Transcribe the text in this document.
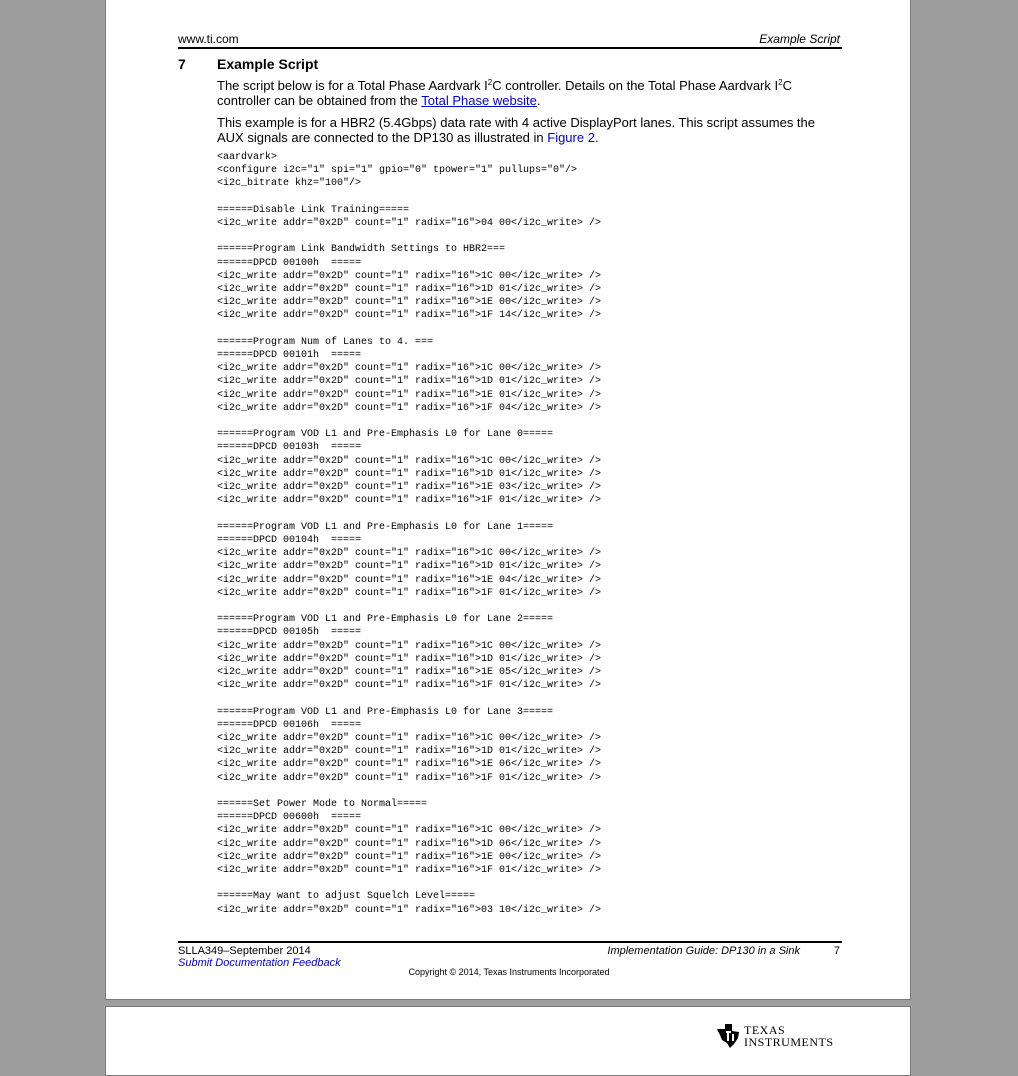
www.ti.com	Example Script
7 Example Script
The script below is for a Total Phase Aardvark $I^2C$ controller. Details on the Total Phase Aardvark $I^2C$ controller can be obtained from the Total Phase website.
This example is for a HBR2 (5.4Gbps) data rate with 4 active DisplayPort lanes. This script assumes the AUX signals are connected to the DP130 as illustrated in Figure 2.
<aardvark>
<configure i2c="1" spi="1" gpio="0" tpower="1" pullups="0"/>
<i2c_bitrate khz="100"/>

======Disable Link Training=====
<i2c_write addr="0x2D" count="1" radix="16">04 00</i2c_write> />

======Program Link Bandwidth Settings to HBR2===
======DPCD 00100h  =====
<i2c_write addr="0x2D" count="1" radix="16">1C 00</i2c_write> />
<i2c_write addr="0x2D" count="1" radix="16">1D 01</i2c_write> />
<i2c_write addr="0x2D" count="1" radix="16">1E 00</i2c_write> />
<i2c_write addr="0x2D" count="1" radix="16">1F 14</i2c_write> />

======Program Num of Lanes to 4. ===
======DPCD 00101h  =====
<i2c_write addr="0x2D" count="1" radix="16">1C 00</i2c_write> />
<i2c_write addr="0x2D" count="1" radix="16">1D 01</i2c_write> />
<i2c_write addr="0x2D" count="1" radix="16">1E 01</i2c_write> />
<i2c_write addr="0x2D" count="1" radix="16">1F 04</i2c_write> />

======Program VOD L1 and Pre-Emphasis L0 for Lane 0=====
======DPCD 00103h  =====
<i2c_write addr="0x2D" count="1" radix="16">1C 00</i2c_write> />
<i2c_write addr="0x2D" count="1" radix="16">1D 01</i2c_write> />
<i2c_write addr="0x2D" count="1" radix="16">1E 03</i2c_write> />
<i2c_write addr="0x2D" count="1" radix="16">1F 01</i2c_write> />

======Program VOD L1 and Pre-Emphasis L0 for Lane 1=====
======DPCD 00104h  =====
<i2c_write addr="0x2D" count="1" radix="16">1C 00</i2c_write> />
<i2c_write addr="0x2D" count="1" radix="16">1D 01</i2c_write> />
<i2c_write addr="0x2D" count="1" radix="16">1E 04</i2c_write> />
<i2c_write addr="0x2D" count="1" radix="16">1F 01</i2c_write> />

======Program VOD L1 and Pre-Emphasis L0 for Lane 2=====
======DPCD 00105h  =====
<i2c_write addr="0x2D" count="1" radix="16">1C 00</i2c_write> />
<i2c_write addr="0x2D" count="1" radix="16">1D 01</i2c_write> />
<i2c_write addr="0x2D" count="1" radix="16">1E 05</i2c_write> />
<i2c_write addr="0x2D" count="1" radix="16">1F 01</i2c_write> />

======Program VOD L1 and Pre-Emphasis L0 for Lane 3=====
======DPCD 00106h  =====
<i2c_write addr="0x2D" count="1" radix="16">1C 00</i2c_write> />
<i2c_write addr="0x2D" count="1" radix="16">1D 01</i2c_write> />
<i2c_write addr="0x2D" count="1" radix="16">1E 06</i2c_write> />
<i2c_write addr="0x2D" count="1" radix="16">1F 01</i2c_write> />

======Set Power Mode to Normal=====
======DPCD 00600h  =====
<i2c_write addr="0x2D" count="1" radix="16">1C 00</i2c_write> />
<i2c_write addr="0x2D" count="1" radix="16">1D 06</i2c_write> />
<i2c_write addr="0x2D" count="1" radix="16">1E 00</i2c_write> />
<i2c_write addr="0x2D" count="1" radix="16">1F 01</i2c_write> />

======May want to adjust Squelch Level=====
<i2c_write addr="0x2D" count="1" radix="16">03 10</i2c_write> />

SLLA349–September 2014
Submit Documentation Feedback
Implementation Guide: DP130 in a Sink	7
Copyright © 2014, Texas Instruments Incorporated
TEXAS
INSTRUMENTS
